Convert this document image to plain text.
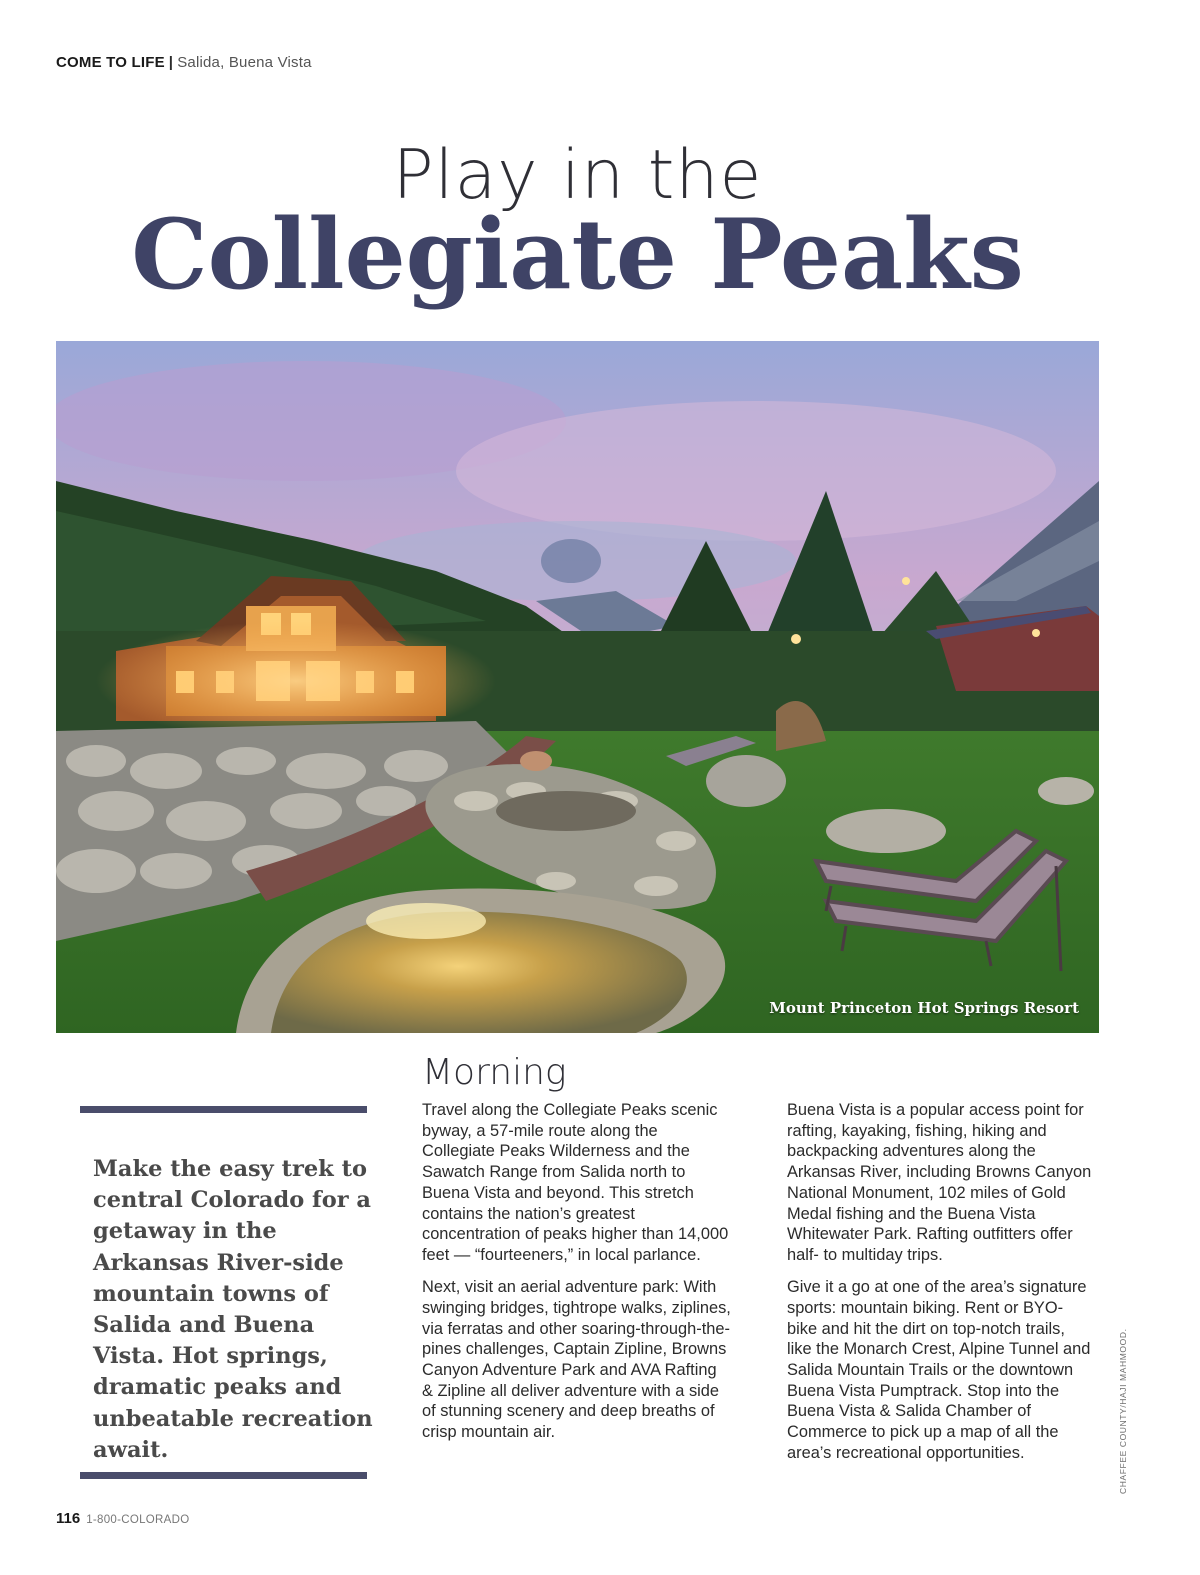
COME TO LIFE | Salida, Buena Vista
Play in the
Collegiate Peaks
Mount Princeton Hot Springs Resort
Make the easy trek to central Colorado for a getaway in the Arkansas River-side mountain towns of Salida and Buena Vista. Hot springs, dramatic peaks and unbeatable recreation await.
Morning

Travel along the Collegiate Peaks scenic byway, a 57-mile route along the Collegiate Peaks Wilderness and the Sawatch Range from Salida north to Buena Vista and beyond. This stretch contains the nation’s greatest concentration of peaks higher than 14,000 feet — “fourteeners,” in local parlance.

Next, visit an aerial adventure park: With swinging bridges, tightrope walks, ziplines, via ferratas and other soaring-through-the-pines challenges, Captain Zipline, Browns Canyon Adventure Park and AVA Rafting & Zipline all deliver adventure with a side of stunning scenery and deep breaths of crisp mountain air.

Buena Vista is a popular access point for rafting, kayaking, fishing, hiking and backpacking adventures along the Arkansas River, including Browns Canyon National Monument, 102 miles of Gold Medal fishing and the Buena Vista Whitewater Park. Rafting outfitters offer half- to multiday trips.

Give it a go at one of the area’s signature sports: mountain biking. Rent or BYO-bike and hit the dirt on top-notch trails, like the Monarch Crest, Alpine Tunnel and Salida Mountain Trails or the downtown Buena Vista Pumptrack. Stop into the Buena Vista & Salida Chamber of Commerce to pick up a map of all the area’s recreational opportunities.	CHAFFEE COUNTY/HAJI MAHMOOD.
116 1-800-COLORADO
